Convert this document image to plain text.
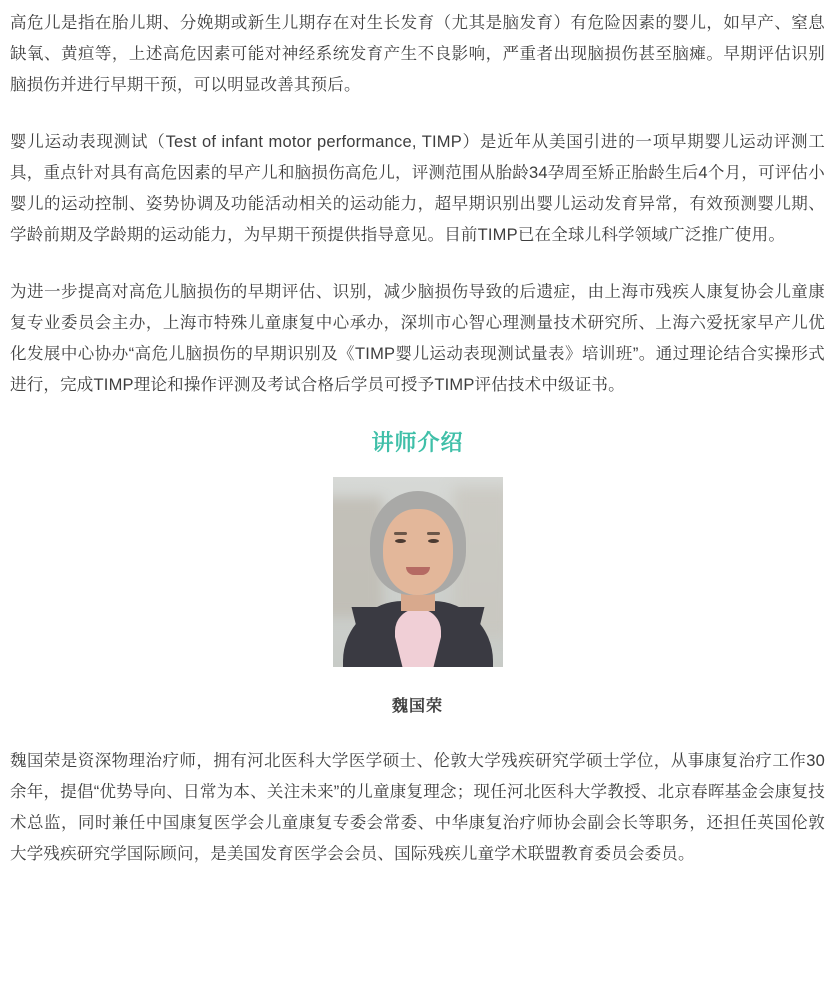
高危儿是指在胎儿期、分娩期或新生儿期存在对生长发育（尤其是脑发育）有危险因素的婴儿，如早产、窒息缺氧、黄疸等，上述高危因素可能对神经系统发育产生不良影响，严重者出现脑损伤甚至脑瘫。早期评估识别脑损伤并进行早期干预，可以明显改善其预后。

婴儿运动表现测试（Test of infant motor performance, TIMP）是近年从美国引进的一项早期婴儿运动评测工具，重点针对具有高危因素的早产儿和脑损伤高危儿，评测范围从胎龄34孕周至矫正胎龄生后4个月，可评估小婴儿的运动控制、姿势协调及功能活动相关的运动能力，超早期识别出婴儿运动发育异常，有效预测婴儿期、学龄前期及学龄期的运动能力，为早期干预提供指导意见。目前TIMP已在全球儿科学领域广泛推广使用。

为进一步提高对高危儿脑损伤的早期评估、识别，减少脑损伤导致的后遗症，由上海市残疾人康复协会儿童康复专业委员会主办，上海市特殊儿童康复中心承办，深圳市心智心理测量技术研究所、上海六爱抚家早产儿优化发展中心协办“高危儿脑损伤的早期识别及《TIMP婴儿运动表现测试量表》培训班”。通过理论结合实操形式进行，完成TIMP理论和操作评测及考试合格后学员可授予TIMP评估技术中级证书。

讲师介绍
魏国荣

魏国荣是资深物理治疗师，拥有河北医科大学医学硕士、伦敦大学残疾研究学硕士学位，从事康复治疗工作30余年，提倡“优势导向、日常为本、关注未来”的儿童康复理念；现任河北医科大学教授、北京春晖基金会康复技术总监，同时兼任中国康复医学会儿童康复专委会常委、中华康复治疗师协会副会长等职务，还担任英国伦敦大学残疾研究学国际顾问，是美国发育医学会会员、国际残疾儿童学术联盟教育委员会委员。
